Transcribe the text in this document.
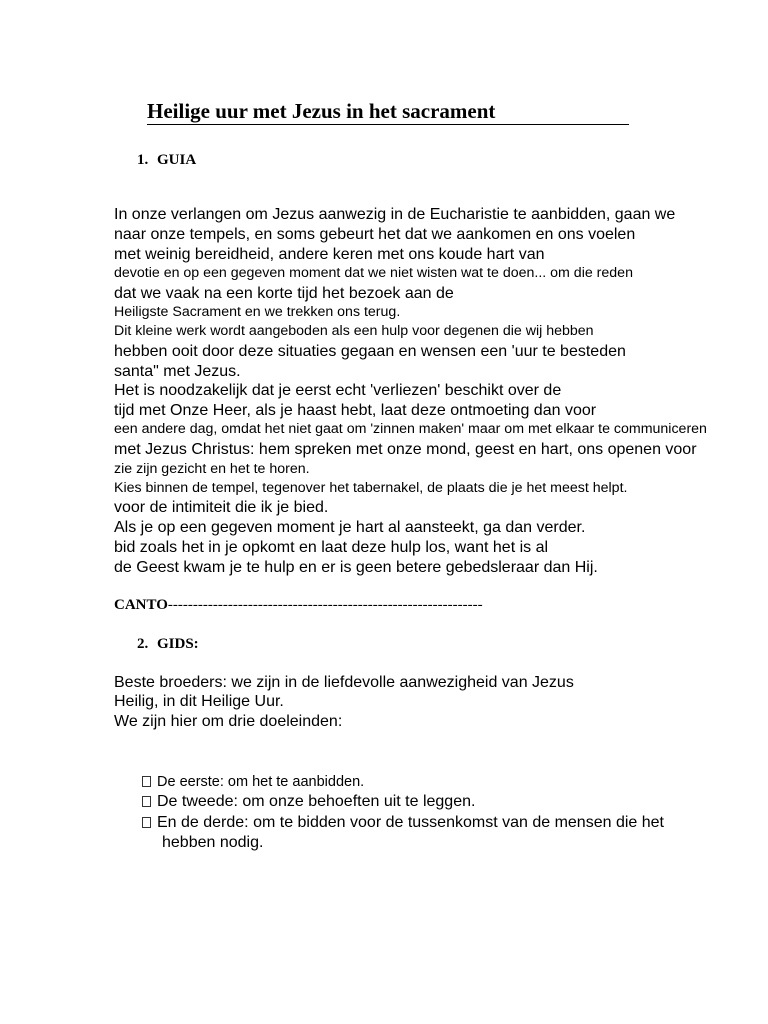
Heilige uur met Jezus in het sacrament
1. GUIA
In onze verlangen om Jezus aanwezig in de Eucharistie te aanbidden, gaan we
naar onze tempels, en soms gebeurt het dat we aankomen en ons voelen
met weinig bereidheid, andere keren met ons koude hart van
devotie en op een gegeven moment dat we niet wisten wat te doen... om die reden
dat we vaak na een korte tijd het bezoek aan de
Heiligste Sacrament en we trekken ons terug.
Dit kleine werk wordt aangeboden als een hulp voor degenen die wij hebben
hebben ooit door deze situaties gegaan en wensen een 'uur te besteden
santa" met Jezus.
Het is noodzakelijk dat je eerst echt 'verliezen' beschikt over de
tijd met Onze Heer, als je haast hebt, laat deze ontmoeting dan voor
een andere dag, omdat het niet gaat om 'zinnen maken' maar om met elkaar te communiceren
met Jezus Christus: hem spreken met onze mond, geest en hart, ons openen voor
zie zijn gezicht en het te horen.
Kies binnen de tempel, tegenover het tabernakel, de plaats die je het meest helpt.
voor de intimiteit die ik je bied.
Als je op een gegeven moment je hart al aansteekt, ga dan verder.
bid zoals het in je opkomt en laat deze hulp los, want het is al
de Geest kwam je te hulp en er is geen betere gebedsleraar dan Hij.
CANTO---------------------------------------------------------------
2. GIDS:
Beste broeders: we zijn in de liefdevolle aanwezigheid van Jezus
Heilig, in dit Heilige Uur.
We zijn hier om drie doeleinden:
De eerste: om het te aanbidden.
De tweede: om onze behoeften uit te leggen.
En de derde: om te bidden voor de tussenkomst van de mensen die het
hebben nodig.
